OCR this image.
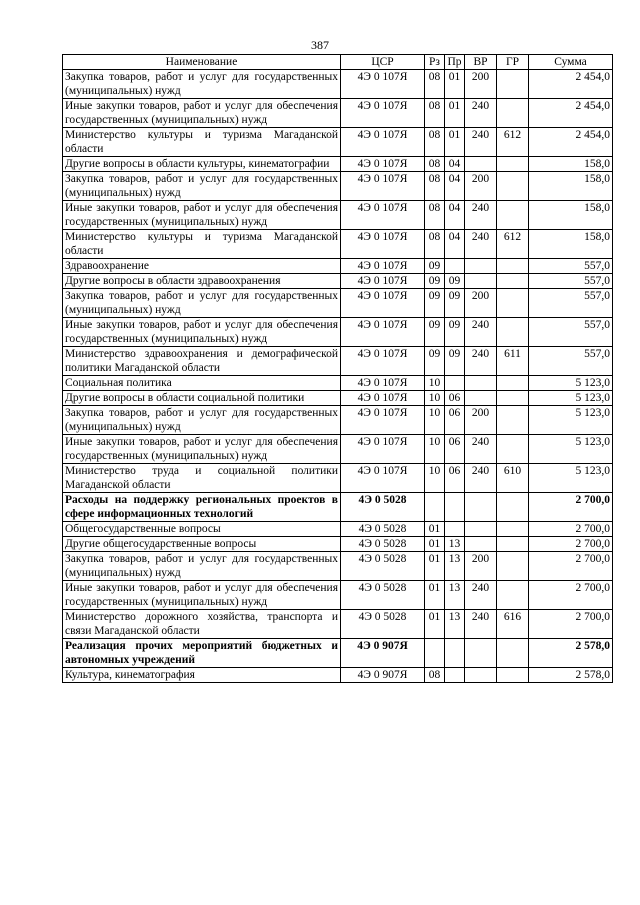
387
Наименование	ЦСР	Рз	Пр	ВР	ГР	Сумма
Закупка товаров, работ и услуг для государственных (муниципальных) нужд	4Э 0 107Я	08	01	200		2 454,0
Иные закупки товаров, работ и услуг для обеспечения государственных (муниципальных) нужд	4Э 0 107Я	08	01	240		2 454,0
Министерство культуры и туризма Магаданской области	4Э 0 107Я	08	01	240	612	2 454,0
Другие вопросы в области культуры, кинематографии	4Э 0 107Я	08	04			158,0
Закупка товаров, работ и услуг для государственных (муниципальных) нужд	4Э 0 107Я	08	04	200		158,0
Иные закупки товаров, работ и услуг для обеспечения государственных (муниципальных) нужд	4Э 0 107Я	08	04	240		158,0
Министерство культуры и туризма Магаданской области	4Э 0 107Я	08	04	240	612	158,0
Здравоохранение	4Э 0 107Я	09				557,0
Другие вопросы в области здравоохранения	4Э 0 107Я	09	09			557,0
Закупка товаров, работ и услуг для государственных (муниципальных) нужд	4Э 0 107Я	09	09	200		557,0
Иные закупки товаров, работ и услуг для обеспечения государственных (муниципальных) нужд	4Э 0 107Я	09	09	240		557,0
Министерство здравоохранения и демографической политики Магаданской области	4Э 0 107Я	09	09	240	611	557,0
Социальная политика	4Э 0 107Я	10				5 123,0
Другие вопросы в области социальной политики	4Э 0 107Я	10	06			5 123,0
Закупка товаров, работ и услуг для государственных (муниципальных) нужд	4Э 0 107Я	10	06	200		5 123,0
Иные закупки товаров, работ и услуг для обеспечения государственных (муниципальных) нужд	4Э 0 107Я	10	06	240		5 123,0
Министерство труда и социальной политики Магаданской области	4Э 0 107Я	10	06	240	610	5 123,0
Расходы на поддержку региональных проектов в сфере информационных технологий	4Э 0 5028					2 700,0
Общегосударственные вопросы	4Э 0 5028	01				2 700,0
Другие общегосударственные вопросы	4Э 0 5028	01	13			2 700,0
Закупка товаров, работ и услуг для государственных (муниципальных) нужд	4Э 0 5028	01	13	200		2 700,0
Иные закупки товаров, работ и услуг для обеспечения государственных (муниципальных) нужд	4Э 0 5028	01	13	240		2 700,0
Министерство дорожного хозяйства, транспорта и связи Магаданской области	4Э 0 5028	01	13	240	616	2 700,0
Реализация прочих мероприятий бюджетных и автономных учреждений	4Э 0 907Я					2 578,0
Культура, кинематография	4Э 0 907Я	08				2 578,0
